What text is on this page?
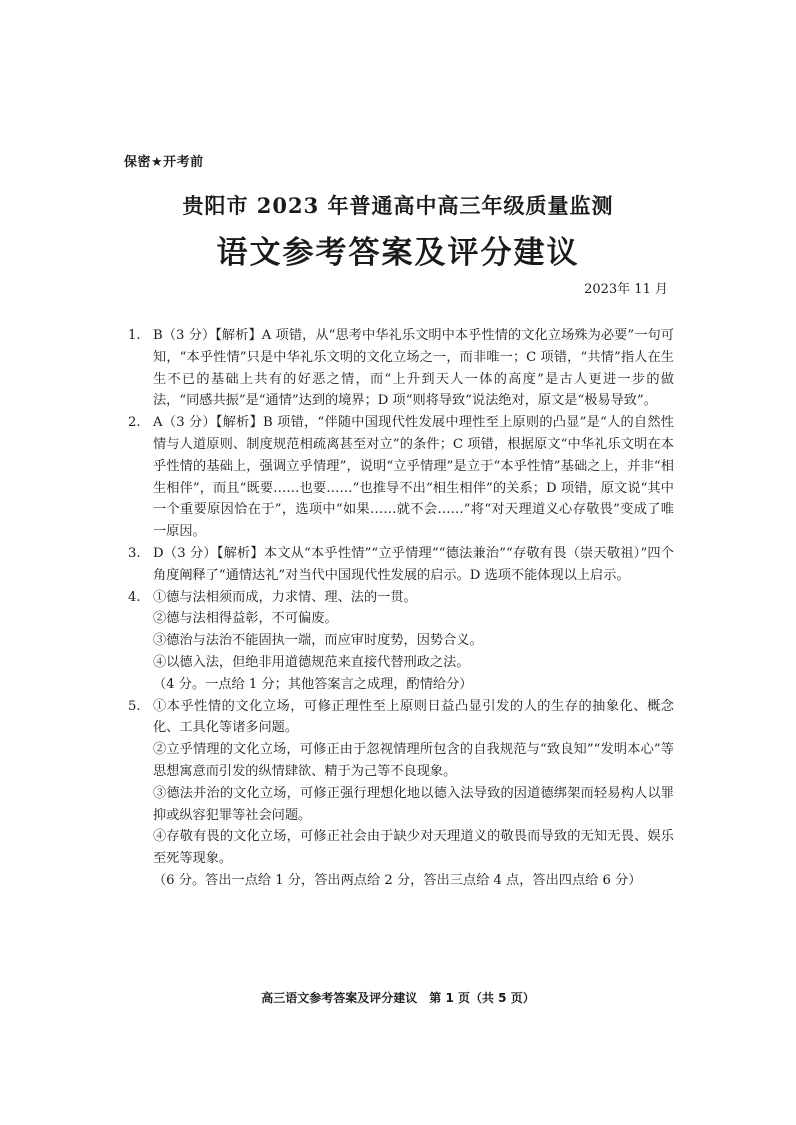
保密★开考前
贵阳市 2023 年普通高中高三年级质量监测
语文参考答案及评分建议
2023年 11 月
1. B（3 分）【解析】A 项错，从“思考中华礼乐文明中本乎性情的文化立场殊为必要”一句可知，“本乎性情”只是中华礼乐文明的文化立场之一，而非唯一；C 项错，“共情”指人在生生不已的基础上共有的好恶之情，而“上升到天人一体的高度”是古人更进一步的做法，“同感共振”是“通情”达到的境界；D 项“则将导致”说法绝对，原文是“极易导致”。

2. A（3 分）【解析】B 项错，“伴随中国现代性发展中理性至上原则的凸显”是“人的自然性情与人道原则、制度规范相疏离甚至对立”的条件；C 项错，根据原文“中华礼乐文明在本乎性情的基础上，强调立乎情理”，说明“立乎情理”是立于“本乎性情”基础之上，并非“相生相伴”，而且“既要……也要……”也推导不出“相生相伴”的关系；D 项错，原文说“其中一个重要原因恰在于”，选项中“如果……就不会……”将“对天理道义心存敬畏”变成了唯一原因。

3. D（3 分）【解析】本文从“本乎性情”“立乎情理”“德法兼治”“存敬有畏（崇天敬祖）”四个角度阐释了“通情达礼”对当代中国现代性发展的启示。D 选项不能体现以上启示。

4. ①德与法相须而成，力求情、理、法的一贯。

②德与法相得益彰，不可偏废。

③德治与法治不能固执一端，而应审时度势，因势合义。

④以德入法，但绝非用道德规范来直接代替刑政之法。

（4 分。一点给 1 分；其他答案言之成理，酌情给分）

5. ①本乎性情的文化立场，可修正理性至上原则日益凸显引发的人的生存的抽象化、概念化、工具化等诸多问题。

②立乎情理的文化立场，可修正由于忽视情理所包含的自我规范与“致良知”“发明本心”等思想寓意而引发的纵情肆欲、精于为己等不良现象。

③德法并治的文化立场，可修正强行理想化地以德入法导致的因道德绑架而轻易构人以罪抑或纵容犯罪等社会问题。

④存敬有畏的文化立场，可修正社会由于缺少对天理道义的敬畏而导致的无知无畏、娱乐至死等现象。

（6 分。答出一点给 1 分，答出两点给 2 分，答出三点给 4 点，答出四点给 6 分）

高三语文参考答案及评分建议　第 1 页（共 5 页）
